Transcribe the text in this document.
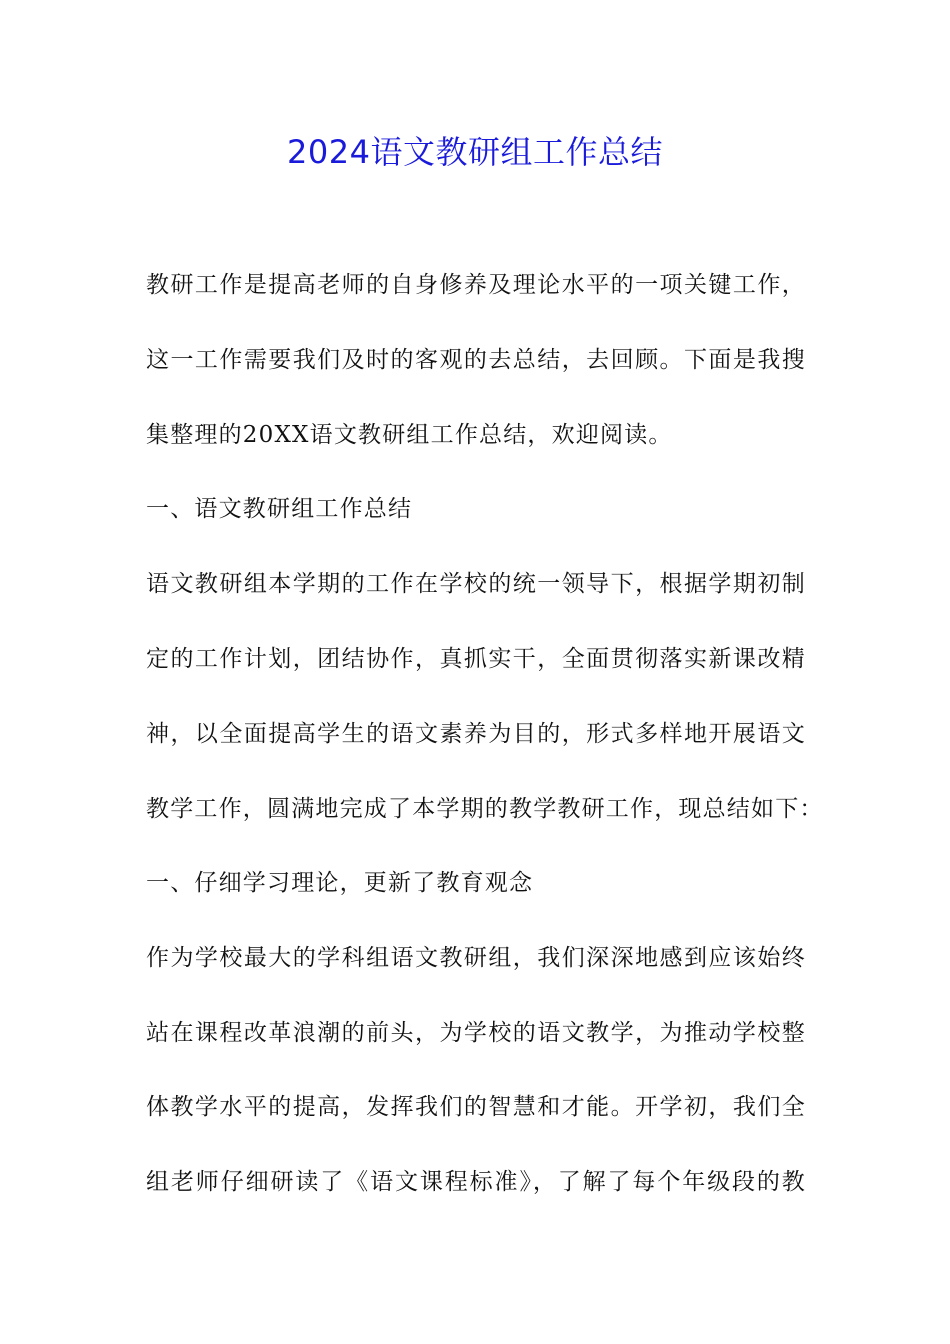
2024语文教研组工作总结

教研工作是提高老师的自身修养及理论水平的一项关键工作，

这一工作需要我们及时的客观的去总结，去回顾。下面是我搜

集整理的20XX语文教研组工作总结，欢迎阅读。

一、语文教研组工作总结

语文教研组本学期的工作在学校的统一领导下，根据学期初制

定的工作计划，团结协作，真抓实干，全面贯彻落实新课改精

神，以全面提高学生的语文素养为目的，形式多样地开展语文

教学工作，圆满地完成了本学期的教学教研工作，现总结如下：

一、仔细学习理论，更新了教育观念

作为学校最大的学科组语文教研组，我们深深地感到应该始终

站在课程改革浪潮的前头，为学校的语文教学，为推动学校整

体教学水平的提高，发挥我们的智慧和才能。开学初，我们全

组老师仔细研读了《语文课程标准》，了解了每个年级段的教
